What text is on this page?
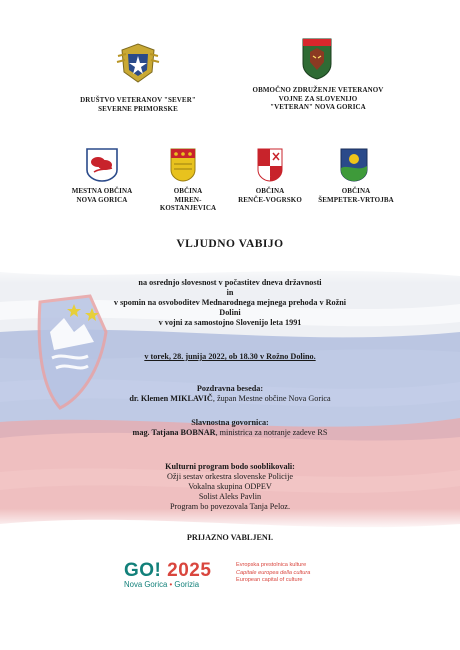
DRUŠTVO VETERANOV "SEVER"
SEVERNE PRIMORSKE
OBMOČNO ZDRUŽENJE VETERANOV
VOJNE ZA SLOVENIJO
"VETERAN" NOVA GORICA
MESTNA OBČINA
NOVA GORICA
OBČINA
MIREN-
KOSTANJEVICA
OBČINA
RENČE-VOGRSKO
OBČINA
ŠEMPETER-VRTOJBA
VLJUDNO VABIJO
na osrednjo slovesnost v počastitev dneva državnosti
in
v spomin na osvoboditev Mednarodnega mejnega prehoda v Rožni
Dolini
v vojni za samostojno Slovenijo leta 1991
v torek, 28. junija 2022, ob 18.30 v Rožno Dolino.
Pozdravna beseda:
dr. Klemen MIKLAVIČ, župan Mestne občine Nova Gorica
Slavnostna govornica:
mag. Tatjana BOBNAR, ministrica za notranje zadeve RS
Kulturni program bodo sooblikovali:
Ožji sestav orkestra slovenske Policije
Vokalna skupina ODPEV
Solist Aleks Pavlin
Program bo povezovala Tanja Peloz.
PRIJAZNO VABLJENI.
GO! 2025
Nova Gorica • Gorizia
Evropska prestolnica kulture
Capitale europea della cultura
European capital of culture
